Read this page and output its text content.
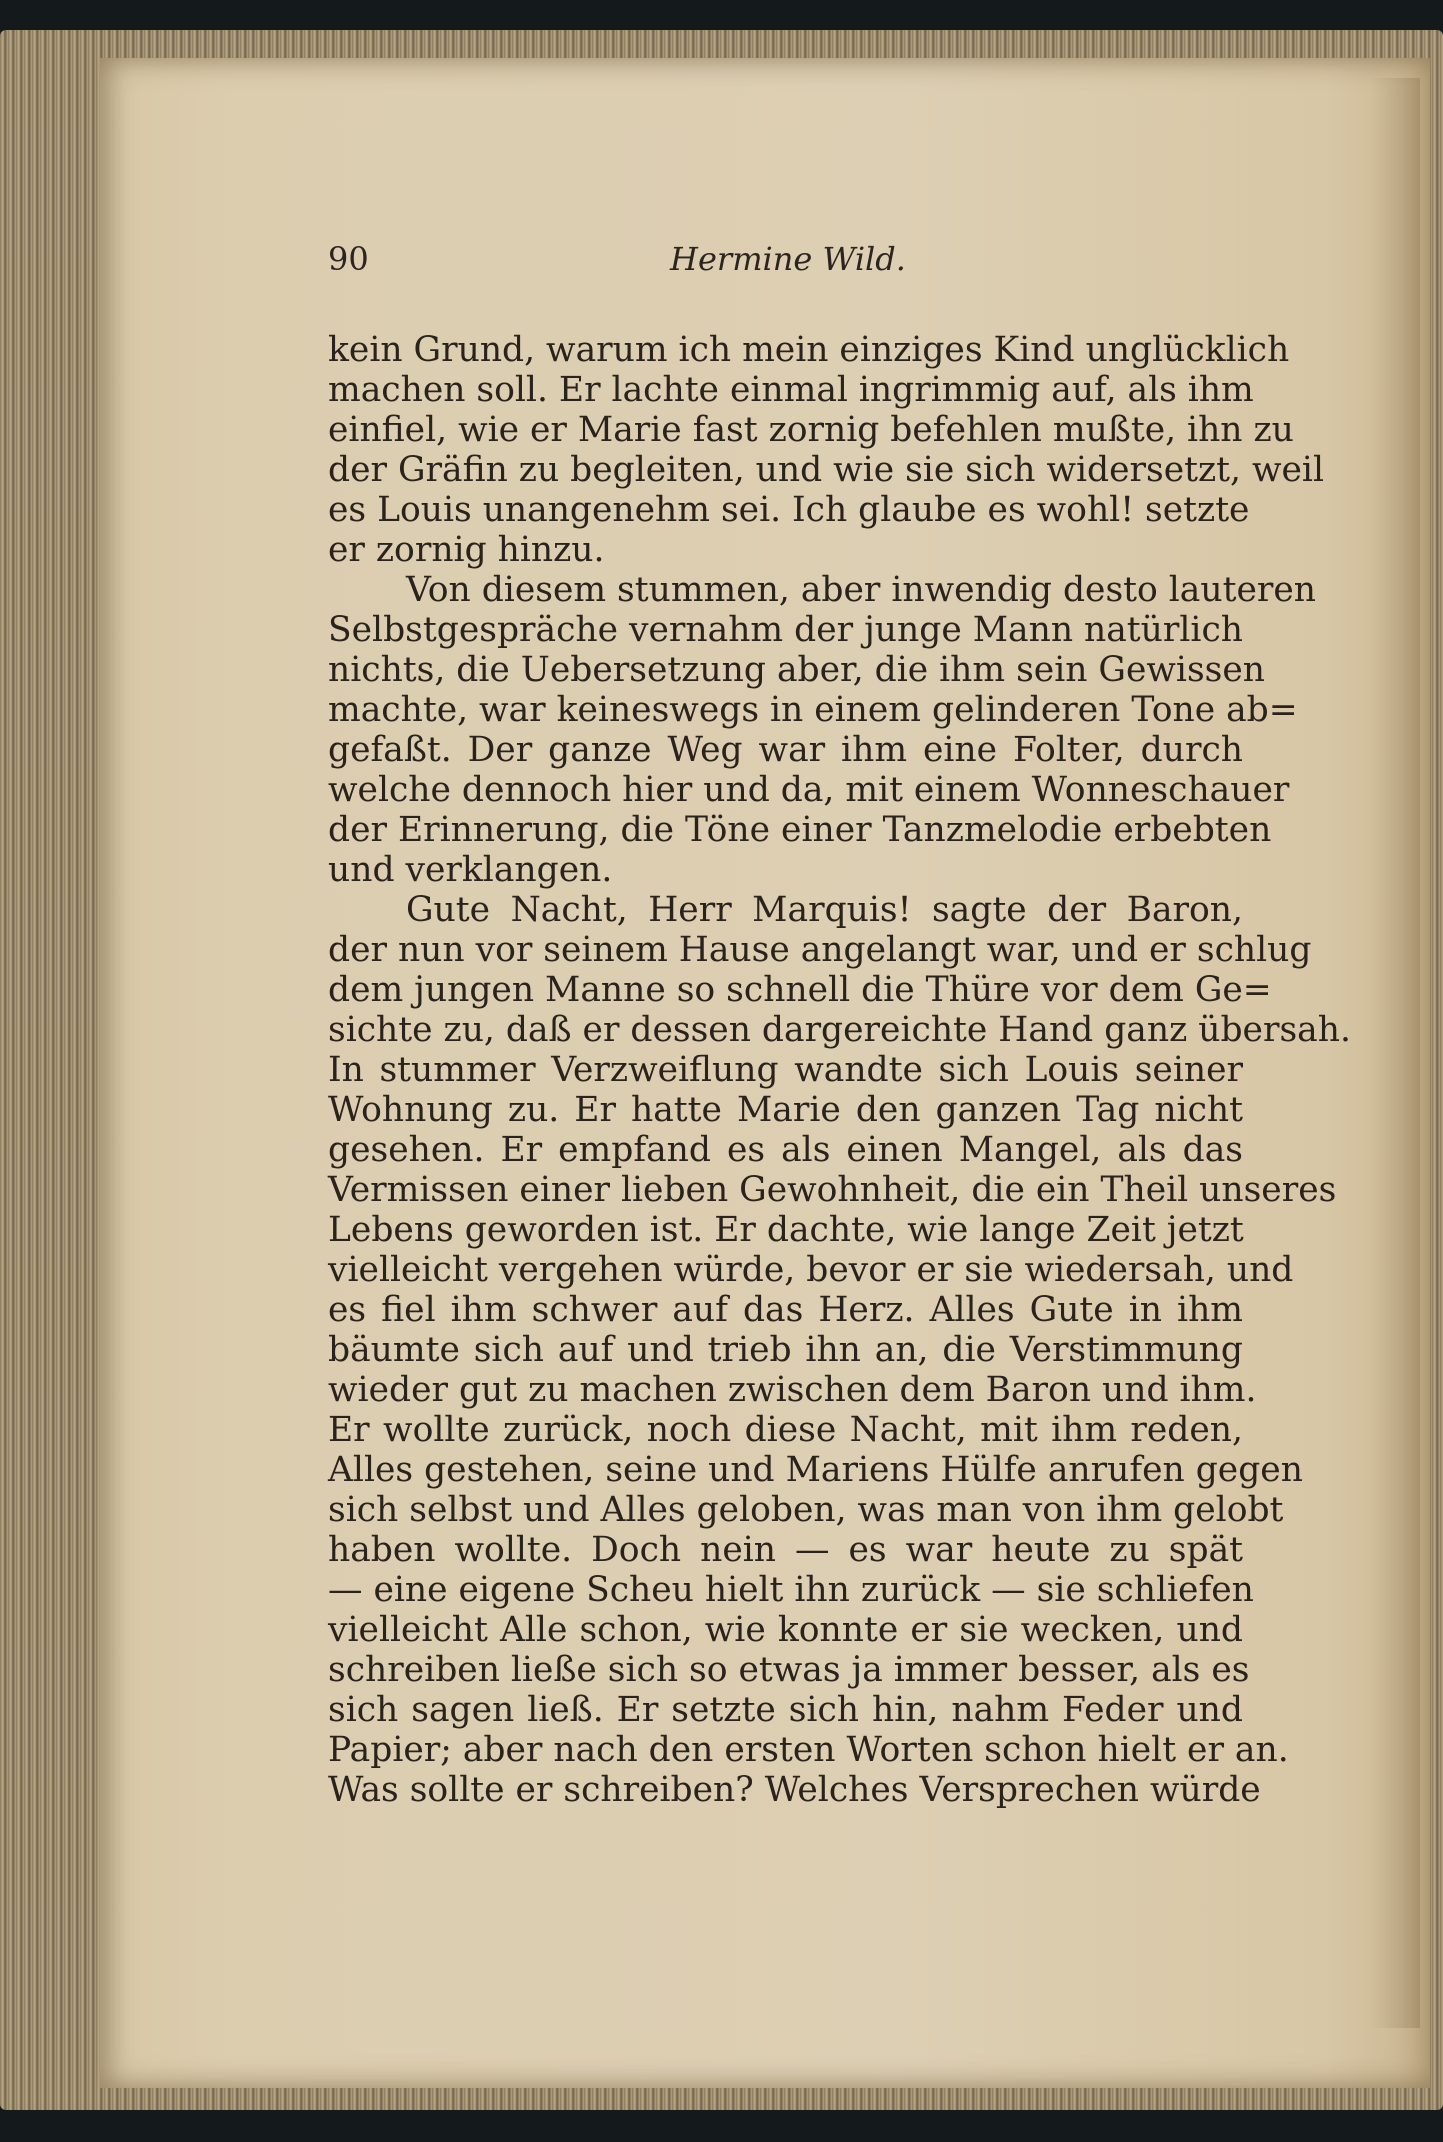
90	Hermine Wild.
kein Grund, warum ich mein einziges Kind unglücklich
machen soll. Er lachte einmal ingrimmig auf, als ihm
einfiel, wie er Marie fast zornig befehlen mußte, ihn zu
der Gräfin zu begleiten, und wie sie sich widersetzt, weil
es Louis unangenehm sei. Ich glaube es wohl! setzte
er zornig hinzu.
Von diesem stummen, aber inwendig desto lauteren
Selbstgespräche vernahm der junge Mann natürlich
nichts, die Uebersetzung aber, die ihm sein Gewissen
machte, war keineswegs in einem gelinderen Tone ab=
gefaßt. Der ganze Weg war ihm eine Folter, durch
welche dennoch hier und da, mit einem Wonneschauer
der Erinnerung, die Töne einer Tanzmelodie erbebten
und verklangen.
Gute Nacht, Herr Marquis! sagte der Baron,
der nun vor seinem Hause angelangt war, und er schlug
dem jungen Manne so schnell die Thüre vor dem Ge=
sichte zu, daß er dessen dargereichte Hand ganz übersah.
In stummer Verzweiflung wandte sich Louis seiner
Wohnung zu. Er hatte Marie den ganzen Tag nicht
gesehen. Er empfand es als einen Mangel, als das
Vermissen einer lieben Gewohnheit, die ein Theil unseres
Lebens geworden ist. Er dachte, wie lange Zeit jetzt
vielleicht vergehen würde, bevor er sie wiedersah, und
es fiel ihm schwer auf das Herz. Alles Gute in ihm
bäumte sich auf und trieb ihn an, die Verstimmung
wieder gut zu machen zwischen dem Baron und ihm.
Er wollte zurück, noch diese Nacht, mit ihm reden,
Alles gestehen, seine und Mariens Hülfe anrufen gegen
sich selbst und Alles geloben, was man von ihm gelobt
haben wollte. Doch nein — es war heute zu spät
— eine eigene Scheu hielt ihn zurück — sie schliefen
vielleicht Alle schon, wie konnte er sie wecken, und
schreiben ließe sich so etwas ja immer besser, als es
sich sagen ließ. Er setzte sich hin, nahm Feder und
Papier; aber nach den ersten Worten schon hielt er an.
Was sollte er schreiben? Welches Versprechen würde
